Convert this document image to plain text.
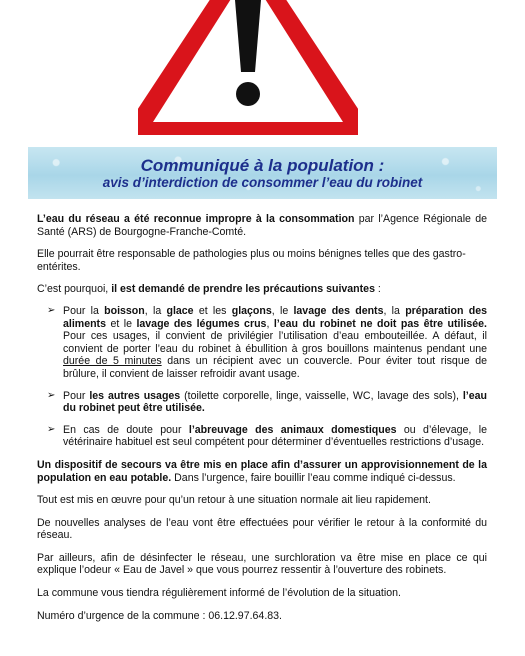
Communiqué à la population :
avis d’interdiction de consommer l’eau du robinet

L’eau du réseau a été reconnue impropre à la consommation par l’Agence Régionale de Santé (ARS) de Bourgogne-Franche-Comté.

Elle pourrait être responsable de pathologies plus ou moins bénignes telles que des gastro-entérites.

C’est pourquoi, il est demandé de prendre les précautions suivantes :

➢ Pour la boisson, la glace et les glaçons, le lavage des dents, la préparation des aliments et le lavage des légumes crus, l’eau du robinet ne doit pas être utilisée. Pour ces usages, il convient de privilégier l’utilisation d’eau embouteillée. A défaut, il convient de porter l’eau du robinet à ébullition à gros bouillons maintenus pendant une durée de 5 minutes dans un récipient avec un couvercle. Pour éviter tout risque de brûlure, il convient de laisser refroidir avant usage.
➢ Pour les autres usages (toilette corporelle, linge, vaisselle, WC, lavage des sols), l’eau du robinet peut être utilisée.
➢ En cas de doute pour l’abreuvage des animaux domestiques ou d’élevage, le vétérinaire habituel est seul compétent pour déterminer d’éventuelles restrictions d’usage.

Un dispositif de secours va être mis en place afin d’assurer un approvisionnement de la population en eau potable. Dans l’urgence, faire bouillir l’eau comme indiqué ci-dessus.

Tout est mis en œuvre pour qu’un retour à une situation normale ait lieu rapidement.

De nouvelles analyses de l’eau vont être effectuées pour vérifier le retour à la conformité du réseau.

Par ailleurs, afin de désinfecter le réseau, une surchloration va être mise en place ce qui explique l’odeur « Eau de Javel » que vous pourrez ressentir à l’ouverture des robinets.

La commune vous tiendra régulièrement informé de l’évolution de la situation.

Numéro d’urgence de la commune : 06.12.97.64.83.
